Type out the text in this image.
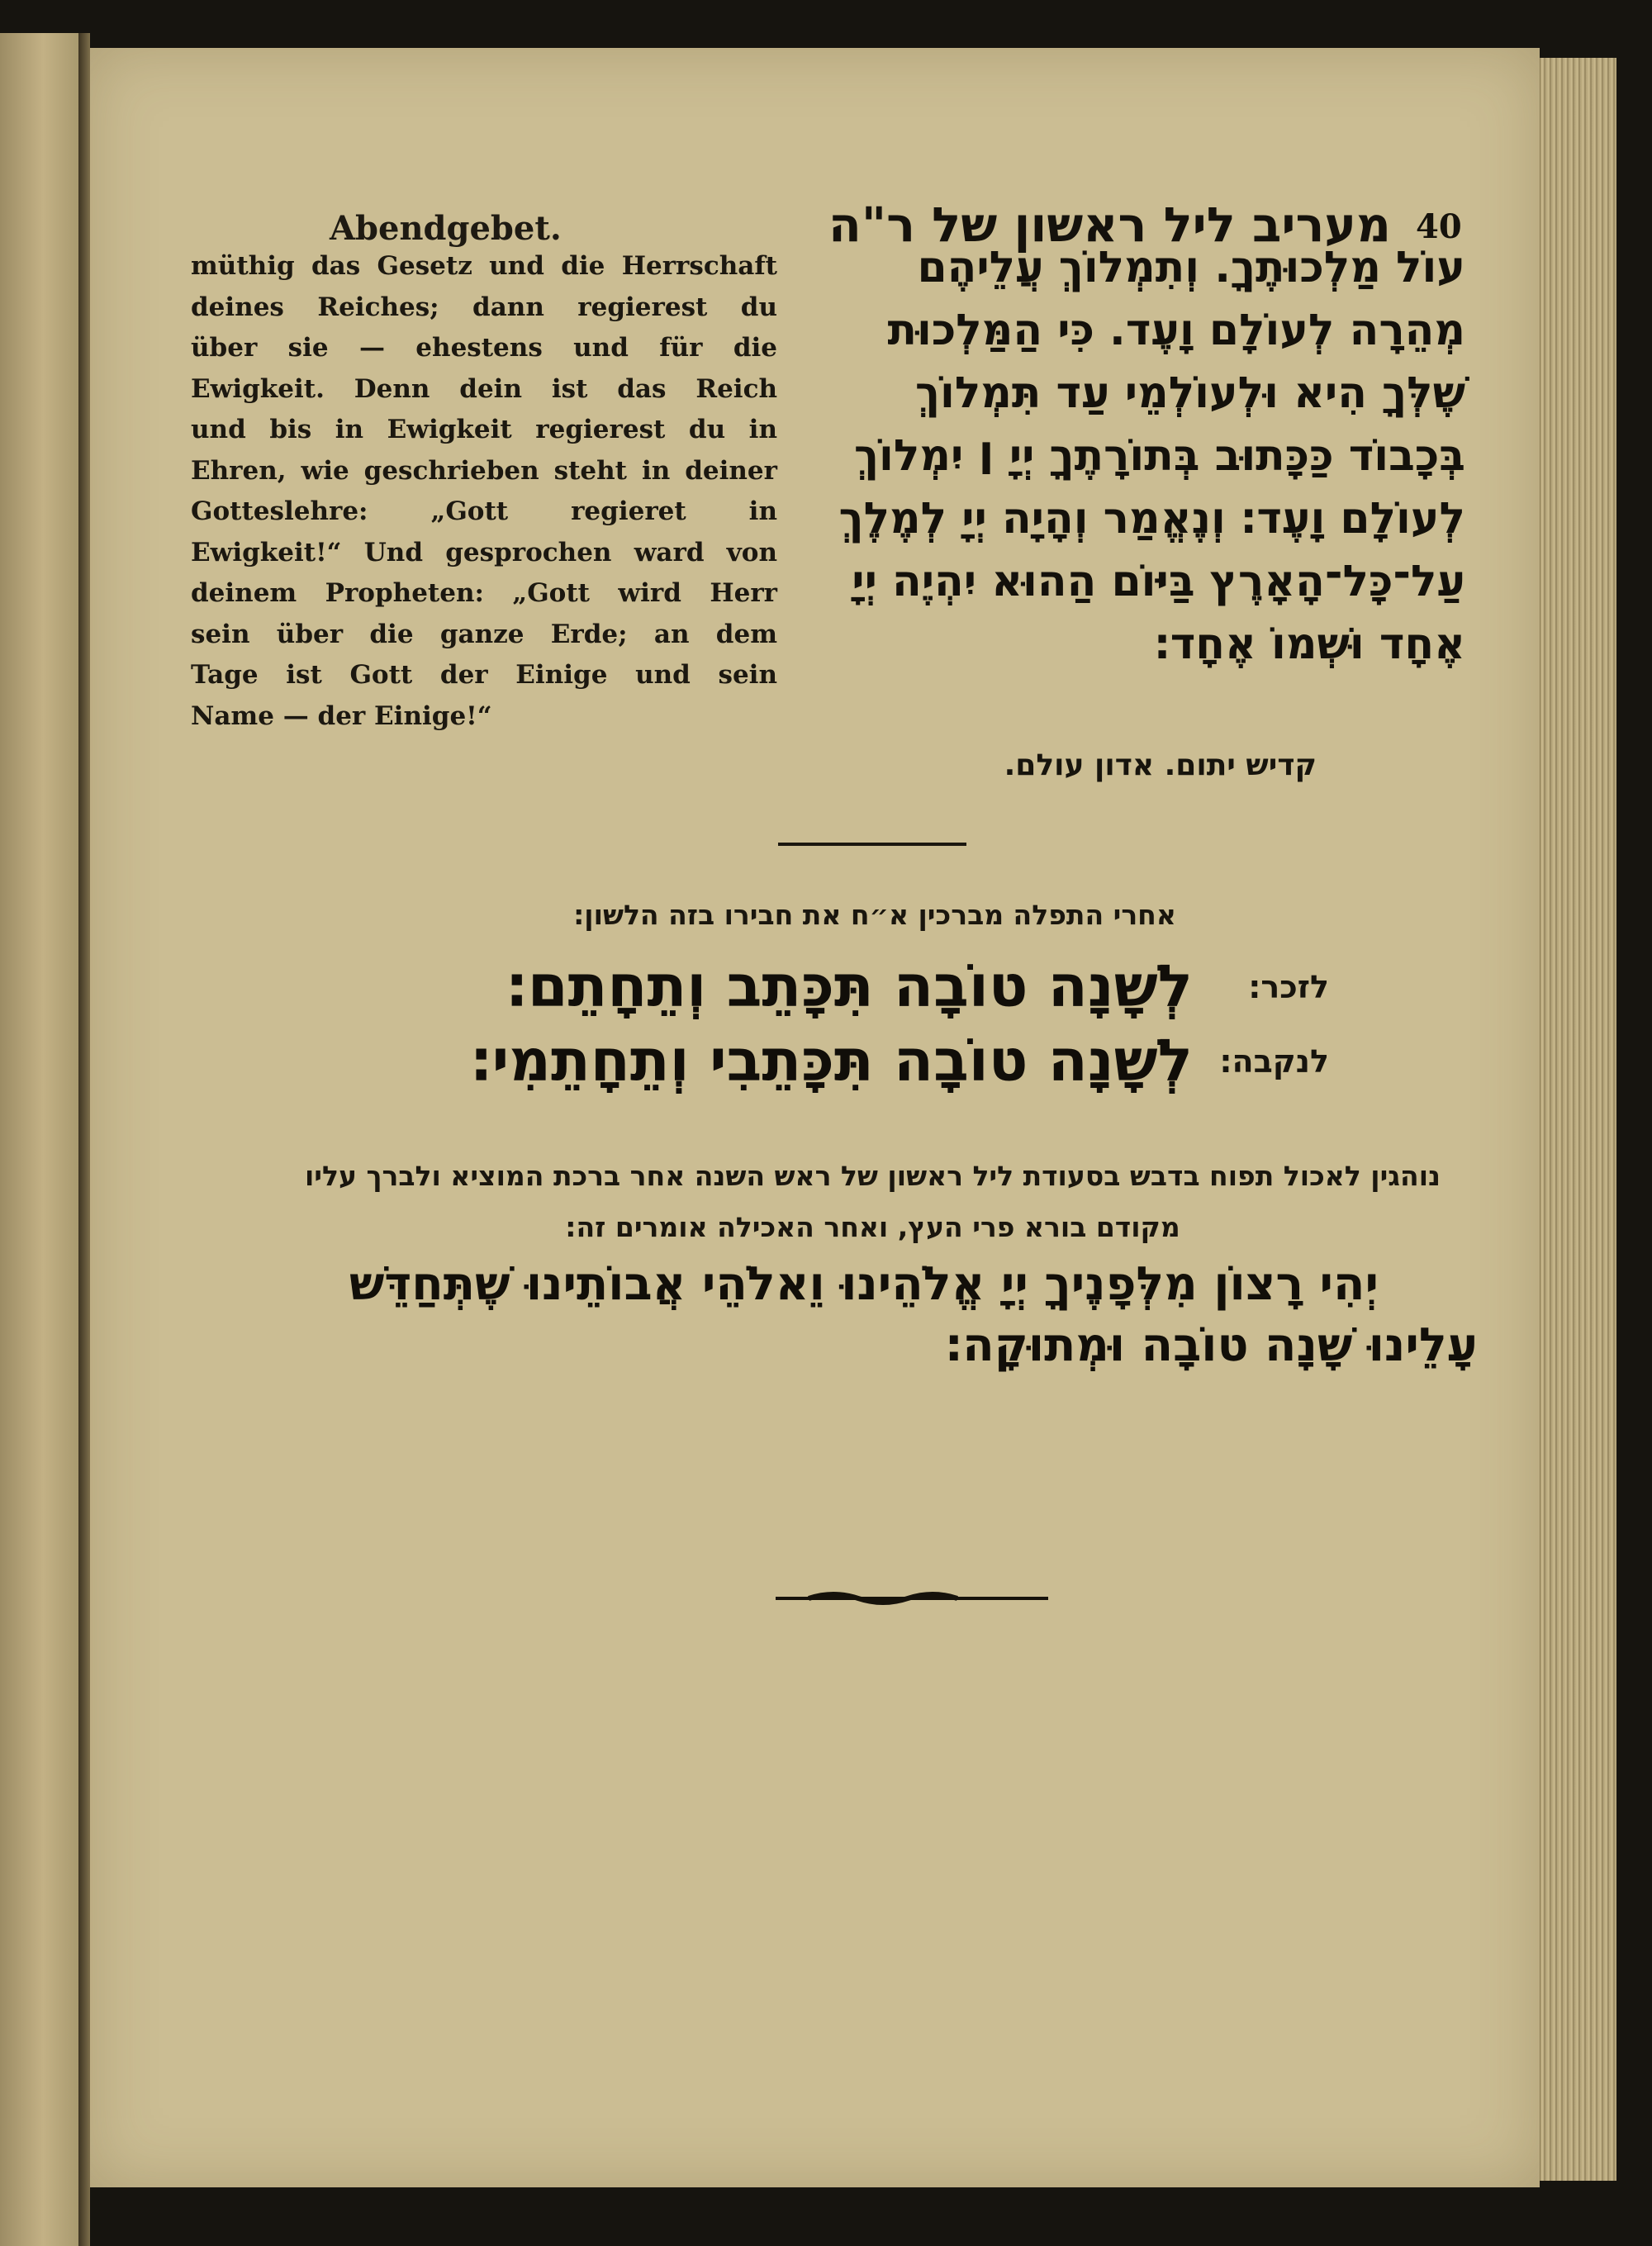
Abendgebet.	מעריב ליל ראשון של ר"ה 40
müthig das Gesetz und die Herrschaft
deines Reiches; dann regierest du
über sie — ehestens und für die
Ewigkeit. Denn dein ist das Reich
und bis in Ewigkeit regierest du in
Ehren, wie geschrieben steht in deiner
Gotteslehre: „Gott regieret in
Ewigkeit!“ Und gesprochen ward von
deinem Propheten: „Gott wird Herr
sein über die ganze Erde; an dem
Tage ist Gott der Einige und sein
Name — der Einige!“
עוֹל מַלְכוּתֶךָ. וְתִמְלוֹךְ עֲלֵיהֶם
מְהֵרָה לְעוֹלָם וָעֶד. כִּי הַמַּלְכוּת
שֶׁלְּךָ הִיא וּלְעוֹלְמֵי עַד תִּמְלוֹךְ
בְּכָבוֹד כַּכָּתוּב בְּתוֹרָתֶךָ יְיָ ׀ יִמְלוֹךְ
לְעוֹלָם וָעֶד׃ וְנֶאֱמַר וְהָיָה יְיָ לְמֶלֶךְ
עַל־כָּל־הָאָרֶץ בַּיּוֹם הַהוּא יִהְיֶה יְיָ
אֶחָד וּשְׁמוֹ אֶחָד׃
קדיש יתום. אדון עולם.
אחרי התפלה מברכין א״ח את חבירו בזה הלשון:
לזכר:
לְשָׁנָה טוֹבָה תִּכָּתֵב וְתֵחָתֵם׃
לנקבה:
לְשָׁנָה טוֹבָה תִּכָּתֵבִי וְתֵחָתֵמִי׃
נוהגין לאכול תפוח בדבש בסעודת ליל ראשון של ראש השנה אחר ברכת המוציא ולברך עליו
מקודם בורא פרי העץ, ואחר האכילה אומרים זה:
יְהִי רָצוֹן מִלְּפָנֶיךָ יְיָ אֱלֹהֵינוּ וֵאלֹהֵי אֲבוֹתֵינוּ שֶׁתְּחַדֵּשׁ
עָלֵינוּ שָׁנָה טוֹבָה וּמְתוּקָה׃
